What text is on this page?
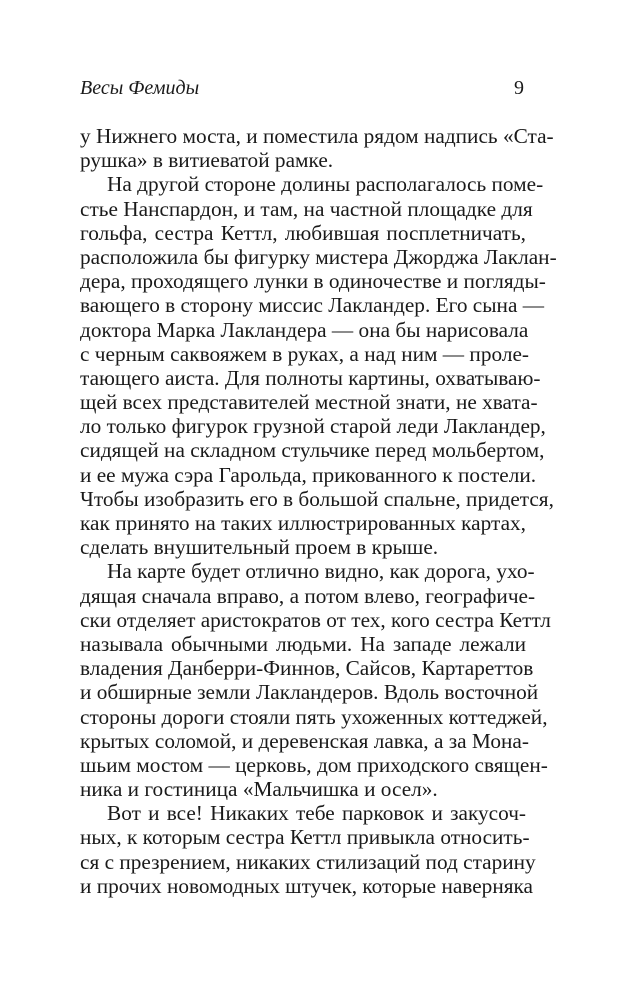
Весы Фемиды	9
у Нижнего моста, и поместила рядом надпись «Ста-
рушка» в витиеватой рамке.
На другой стороне долины располагалось поме-
стье Нанспардон, и там, на частной площадке для
гольфа, сестра Кеттл, любившая посплетничать,
расположила бы фигурку мистера Джорджа Лаклан-
дера, проходящего лунки в одиночестве и погляды-
вающего в сторону миссис Лаклaндер. Его сына —
доктора Марка Лаклaндера — она бы нарисовала
с черным саквояжем в руках, а над ним — проле-
тающего аиста. Для полноты картины, охватываю-
щей всех представителей местной знати, не хвата-
ло только фигурок грузной старой леди Лаклaндер,
сидящей на складном стульчике перед мольбертом,
и ее мужа сэра Гарольда, прикованного к постели.
Чтобы изобразить его в большой спальне, придется,
как принято на таких иллюстрированных картах,
сделать внушительный проем в крыше.
На карте будет отлично видно, как дорога, ухо-
дящая сначала вправо, а потом влево, географиче-
ски отделяет аристократов от тех, кого сестра Кеттл
называла обычными людьми. На западе лежали
владения Данберри-Финнов, Сайсов, Картареттов
и обширные земли Лаклaндеров. Вдоль восточной
стороны дороги стояли пять ухоженных коттеджей,
крытых соломой, и деревенская лавка, а за Мона-
шьим мостом — церковь, дом приходского священ-
ника и гостиница «Мальчишка и осел».
Вот и все! Никаких тебе парковок и закусоч-
ных, к которым сестра Кеттл привыкла относить-
ся с презрением, никаких стилизаций под старину
и прочих новомодных штучек, которые наверняка
